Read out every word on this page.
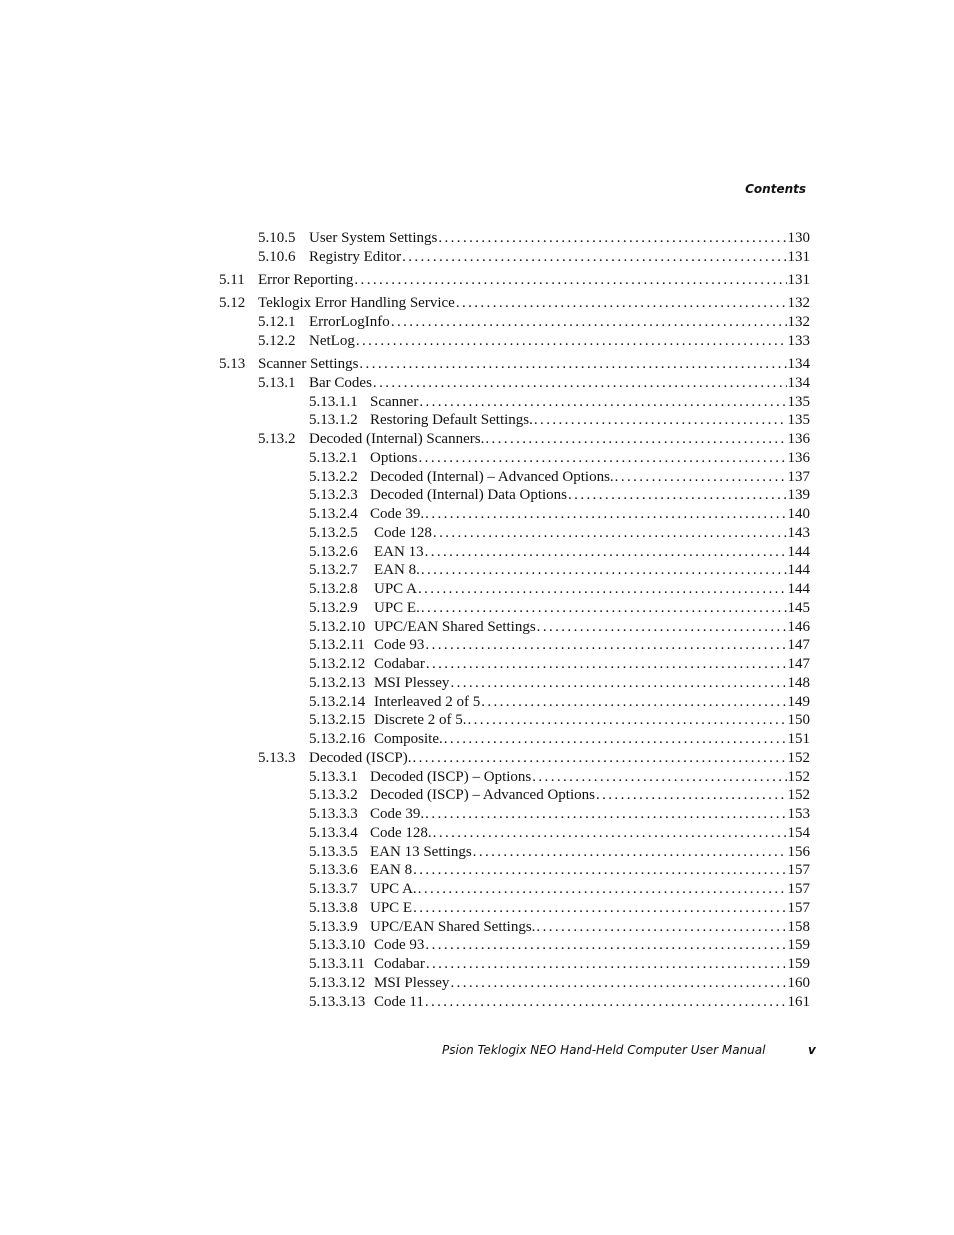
Contents
5.10.5 User System Settings .....	130
5.10.6 Registry Editor .....	131
5.11 Error Reporting .....	131
5.12 Teklogix Error Handling Service .....	132
5.12.1 ErrorLogInfo .....	132
5.12.2 NetLog .....	133
5.13 Scanner Settings .....	134
5.13.1 Bar Codes .....	134
5.13.1.1 Scanner .....	135
5.13.1.2 Restoring Default Settings. .....	135
5.13.2 Decoded (Internal) Scanners. .....	136
5.13.2.1 Options .....	136
5.13.2.2 Decoded (Internal) – Advanced Options. .....	137
5.13.2.3 Decoded (Internal) Data Options .....	139
5.13.2.4 Code 39. .....	140
5.13.2.5	Code 128 .....	143
5.13.2.6	EAN 13 .....	144
5.13.2.7	EAN 8. .....	144
5.13.2.8	UPC A .....	144
5.13.2.9	UPC E. .....	145
5.13.2.10 UPC/EAN Shared Settings .....	146
5.13.2.11 Code 93 .....	147
5.13.2.12 Codabar .....	147
5.13.2.13 MSI Plessey .....	148
5.13.2.14 Interleaved 2 of 5 .....	149
5.13.2.15 Discrete 2 of 5. .....	150
5.13.2.16 Composite. .....	151
5.13.3 Decoded (ISCP). .....	152
5.13.3.1 Decoded (ISCP) – Options .....	152
5.13.3.2 Decoded (ISCP) – Advanced Options .....	152
5.13.3.3 Code 39. .....	153
5.13.3.4 Code 128. .....	154
5.13.3.5 EAN 13 Settings .....	156
5.13.3.6 EAN 8 .....	157
5.13.3.7 UPC A. .....	157
5.13.3.8 UPC E .....	157
5.13.3.9 UPC/EAN Shared Settings. .....	158
5.13.3.10 Code 93 .....	159
5.13.3.11 Codabar .....	159
5.13.3.12 MSI Plessey .....	160
5.13.3.13 Code 11 .....	161
Psion Teklogix NEO Hand-Held Computer User Manual	v
